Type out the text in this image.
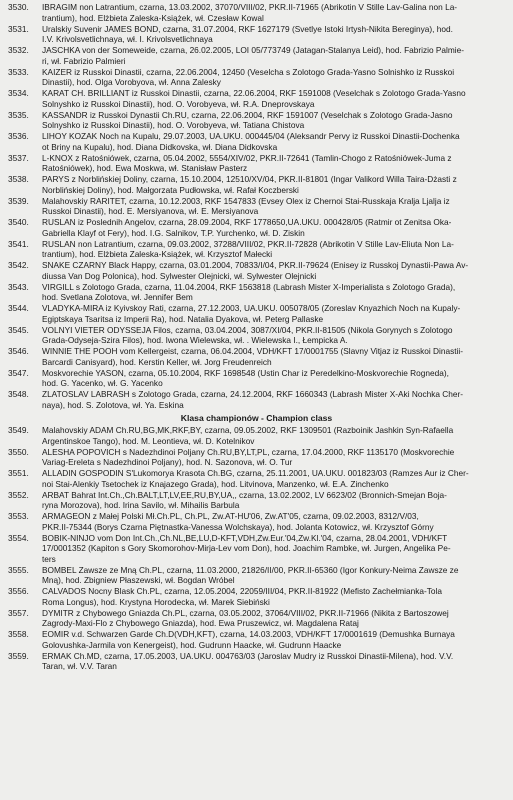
3530.	IBRAGIM non Latrantium, czarna, 13.03.2002, 37070/VIII/02, PKR.II-71965 (Abrikotin V Stille Lav-Galina non La-
trantium), hod. Elżbieta Zaleska-Książek, wł. Czesław Kowal
3531.	Uralskiy Suvenir JAMES BOND, czarna, 31.07.2004, RKF 1627179 (Svetlye Istoki Irtysh-Nikita Bereginya), hod.
I.V. Krivolsvetlichnaya, wł. I. Krivolsvetlichnaya
3532.	JASCHKA von der Someweide, czarna, 26.02.2005, LOI 05/773749 (Jatagan-Stalanya Leid), hod. Fabrizio Palmie-
ri, wł. Fabrizio Palmieri
3533.	KAIZER iz Russkoi Dinastii, czarna, 22.06.2004, 12450 (Veselcha s Zolotogo Grada-Yasno Solnishko iz Russkoi
Dinastii), hod. Olga Vorobyova, wł. Anna Zalesky
3534.	KARAT CH. BRILLIANT iz Russkoi Dinastii, czarna, 22.06.2004, RKF 1591008 (Veselchak s Zolotogo Grada-Yasno
Solnyshko iz Russkoi Dinastii), hod. O. Vorobyeva, wł. R.A. Dneprovskaya
3535.	KASSANDR iz Russkoi Dynastii Ch.RU, czarna, 22.06.2004, RKF 1591007 (Veselchak s Zolotogo Grada-Jasno
Solnyshko iz Russkoi Dinastii), hod. O. Vorobyeva, wł. Tatiana Chistova
3536.	LIHOY KOZAK Noch na Kupalu, 29.07.2003, UA.UKU. 000445/04 (Aleksandr Pervy iz Russkoi Dinastii-Dochenka
ot Briny na Kupalu), hod. Diana Didkovska, wł. Diana Didkovska
3537.	L-KNOX z Ratośniówek, czarna, 05.04.2002, 5554/XIV/02, PKR.II-72641 (Tamlin-Chogo z Ratośniówek-Juma z
Ratośniówek), hod. Ewa Moskwa, wł. Stanisław Pasterz
3538.	PARYS z Norblińskiej Doliny, czarna, 15.10.2004, 12510/XV/04, PKR.II-81801 (Ingar Valikord Willa Taira-Dżasti z
Norblińskiej Doliny), hod. Małgorzata Pudłowska, wł. Rafał Koczberski
3539.	Malahovskiy RARITET, czarna, 10.12.2003, RKF 1547833 (Evsey Olex iz Chernoi Stai-Russkaja Kralja Ljalja iz
Russkoi Dinastii), hod. E. Mersiyanova, wł. E. Mersiyanova
3540.	RUSLAN iz Poslednih Angelov, czarna, 28.09.2004, RKF 1778650,UA.UKU. 000428/05 (Ratmir ot Zenitsa Oka-
Gabriella Klayf ot Fery), hod. I.G. Salnikov, T.P. Yurchenko, wł. D. Ziskin
3541.	RUSLAN non Latrantium, czarna, 09.03.2002, 37288/VIII/02, PKR.II-72828 (Abrikotin V Stille Lav-Eliuta Non La-
trantium), hod. Elżbieta Zaleska-Książek, wł. Krzysztof Małecki
3542.	SNAKE CZARNY Black Happy, czarna, 03.01.2004, 70833/I/04, PKR.II-79624 (Enisey iz Russkoj Dynastii-Pawa Av-
diussa Van Dog Polonica), hod. Sylwester Olejnicki, wł. Sylwester Olejnicki
3543.	VIRGILL s Zolotogo Grada, czarna, 11.04.2004, RKF 1563818 (Labrash Mister X-Imperialista s Zolotogo Grada),
hod. Svetlana Zolotova, wł. Jennifer Bem
3544.	VLADYKA-MIRA iz Kyivskoy Rati, czarna, 27.12.2003, UA.UKU. 005078/05 (Zoreslav Knyazhich Noch na Kupaly-
Egiptskaya Tsaritsa iz Imperii Ra), hod. Natalia Dyakova, wł. Peterg Pallaske
3545.	VOLNYI VIETER ODYSSEJA Filos, czarna, 03.04.2004, 3087/XI/04, PKR.II-81505 (Nikola Gorynych s Zolotogo
Grada-Odyseja-Szira Filos), hod. Iwona Wielewska, wł. . Wielewska I., Łempicka A.
3546.	WINNIE THE POOH vom Kellergeist, czarna, 06.04.2004, VDH/KFT 17/0001755 (Slavny Vitjaz iz Russkoi Dinastii-
Barcardi Canisyard), hod. Kerstin Keller, wł. Jorg Freudenreich
3547.	Moskvorechie YASON, czarna, 05.10.2004, RKF 1698548 (Ustin Char iz Peredelkino-Moskvorechie Rogneda),
hod. G. Yacenko, wł. G. Yacenko
3548.	ZLATOSLAV LABRASH s Zolotogo Grada, czarna, 24.12.2004, RKF 1660343 (Labrash Mister X-Aki Nochka Cher-
naya), hod. S. Zolotova, wł. Ya. Eskina
Klasa championów - Champion class
3549.	Malahovskiy ADAM Ch.RU,BG,MK,RKF,BY, czarna, 09.05.2002, RKF 1309501 (Razboinik Jashkin Syn-Rafaella
Argentinskoe Tango), hod. M. Leontieva, wł. D. Kotelnikov
3550.	ALESHA POPOVICH s Nadezhdinoi Poljany Ch.RU,BY,LT,PL, czarna, 17.04.2000, RKF 1135170 (Moskvorechie
Variag-Ereleta s Nadezhdinoi Poljany), hod. N. Sazonova, wł. O. Tur
3551.	ALLADIN GOSPODIN S'Lukomorya Krasota Ch.BG, czarna, 25.11.2001, UA.UKU. 001823/03 (Ramzes Aur iz Cher-
noi Stai-Alenkiy Tsetochek iz Knajazego Grada), hod. Litvinova, Manzenko, wł. E.A. Zinchenko
3552.	ARBAT Bahrat Int.Ch.,Ch.BALT,LT,LV,EE,RU,BY,UA,, czarna, 13.02.2002, LV 6623/02 (Bronnich-Smejan Boja-
ryna Morozova), hod. Irina Savilo, wł. Mihailis Barbula
3553.	ARMAGEON z Małej Polski Mł.Ch.PL, Ch.PL, Zw.AT-HU'06, Zw.AT'05, czarna, 09.02.2003, 8312/V/03,
PKR.II-75344 (Borys Czarna Piętnastka-Vanessa Wolchskaya), hod. Jolanta Kotowicz, wł. Krzysztof Górny
3554.	BOBIK-NINJO vom Don Int.Ch.,Ch.NL,BE,LU,D-KFT,VDH,Zw.Eur.'04,Zw.Kl.'04, czarna, 28.04.2001, VDH/KFT
17/0001352 (Kapiton s Gory Skomorohov-Mirja-Lev vom Don), hod. Joachim Rambke, wł. Jurgen, Angelika Pe-
ters
3555.	BOMBEL Zawsze ze Mną Ch.PL, czarna, 11.03.2000, 21826/II/00, PKR.II-65360 (Igor Konkury-Neima Zawsze ze
Mną), hod. Zbigniew Płaszewski, wł. Bogdan Wróbel
3556.	CALVADOS Nocny Blask Ch.PL, czarna, 12.05.2004, 22059/III/04, PKR.II-81922 (Mefisto Zachełmianka-Tola
Roma Longus), hod. Krystyna Horodecka, wł. Marek Siebiński
3557.	DYMITR z Chybowego Gniazda Ch.PL, czarna, 03.05.2002, 37064/VIII/02, PKR.II-71966 (Nikita z Bartoszowej
Zagrody-Maxi-Flo z Chybowego Gniazda), hod. Ewa Pruszewicz, wł. Magdalena Rataj
3558.	EOMIR v.d. Schwarzen Garde Ch.D(VDH,KFT), czarna, 14.03.2003, VDH/KFT 17/0001619 (Demushka Burnaya
Golovushka-Jarmila von Kenergeist), hod. Gudrunn Haacke, wł. Gudrunn Haacke
3559.	ERMAK Ch.MD, czarna, 17.05.2003, UA.UKU. 004763/03 (Jaroslav Mudry iz Russkoi Dinastii-Milena), hod. V.V.
Taran, wł. V.V. Taran
